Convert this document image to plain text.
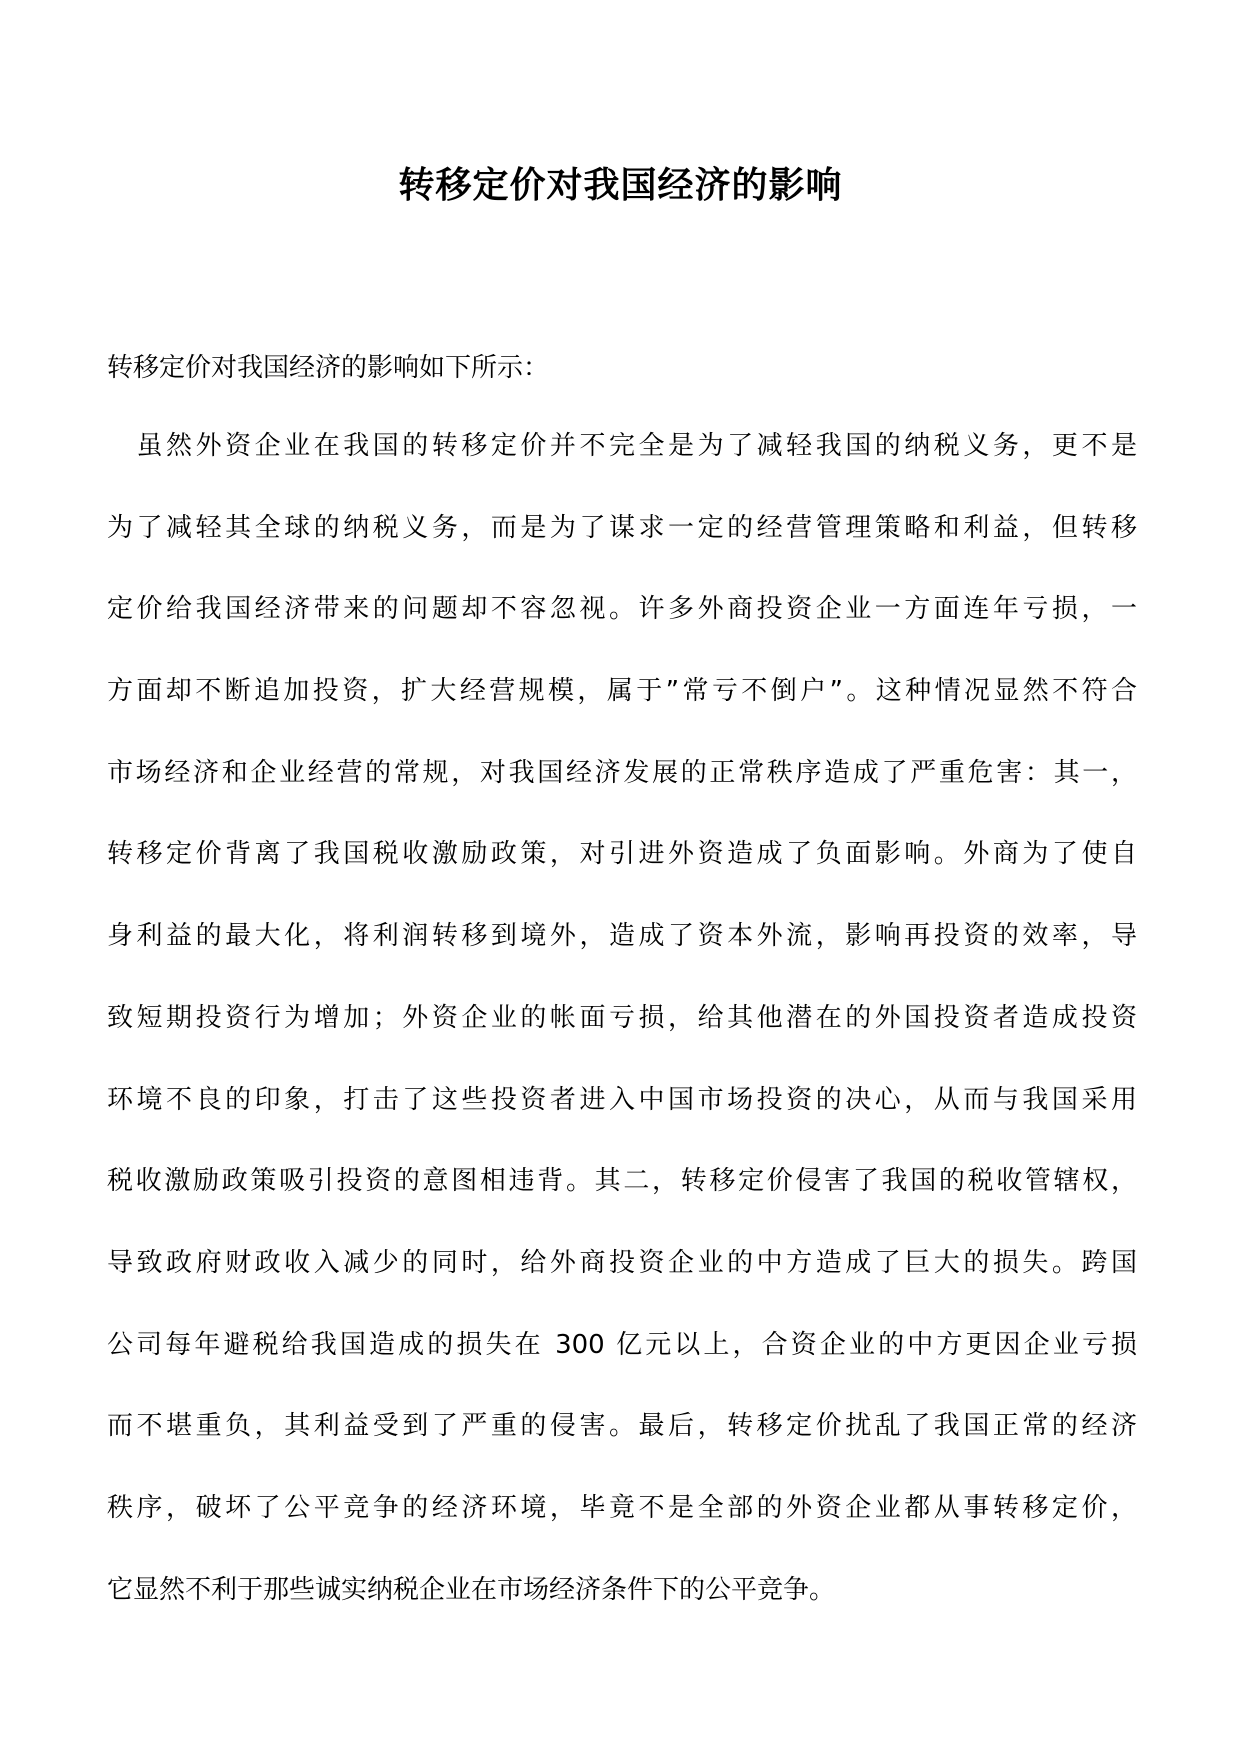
转移定价对我国经济的影响

转移定价对我国经济的影响如下所示：

　虽然外资企业在我国的转移定价并不完全是为了减轻我国的纳税义务，更不是
为了减轻其全球的纳税义务，而是为了谋求一定的经营管理策略和利益，但转移
定价给我国经济带来的问题却不容忽视。许多外商投资企业一方面连年亏损，一
方面却不断追加投资，扩大经营规模，属于”常亏不倒户”。这种情况显然不符合
市场经济和企业经营的常规，对我国经济发展的正常秩序造成了严重危害：其一，
转移定价背离了我国税收激励政策，对引进外资造成了负面影响。外商为了使自
身利益的最大化，将利润转移到境外，造成了资本外流，影响再投资的效率，导
致短期投资行为增加；外资企业的帐面亏损，给其他潜在的外国投资者造成投资
环境不良的印象，打击了这些投资者进入中国市场投资的决心，从而与我国采用
税收激励政策吸引投资的意图相违背。其二，转移定价侵害了我国的税收管辖权，
导致政府财政收入减少的同时，给外商投资企业的中方造成了巨大的损失。跨国
公司每年避税给我国造成的损失在 300 亿元以上，合资企业的中方更因企业亏损
而不堪重负，其利益受到了严重的侵害。最后，转移定价扰乱了我国正常的经济
秩序，破坏了公平竞争的经济环境，毕竟不是全部的外资企业都从事转移定价，
它显然不利于那些诚实纳税企业在市场经济条件下的公平竞争。
